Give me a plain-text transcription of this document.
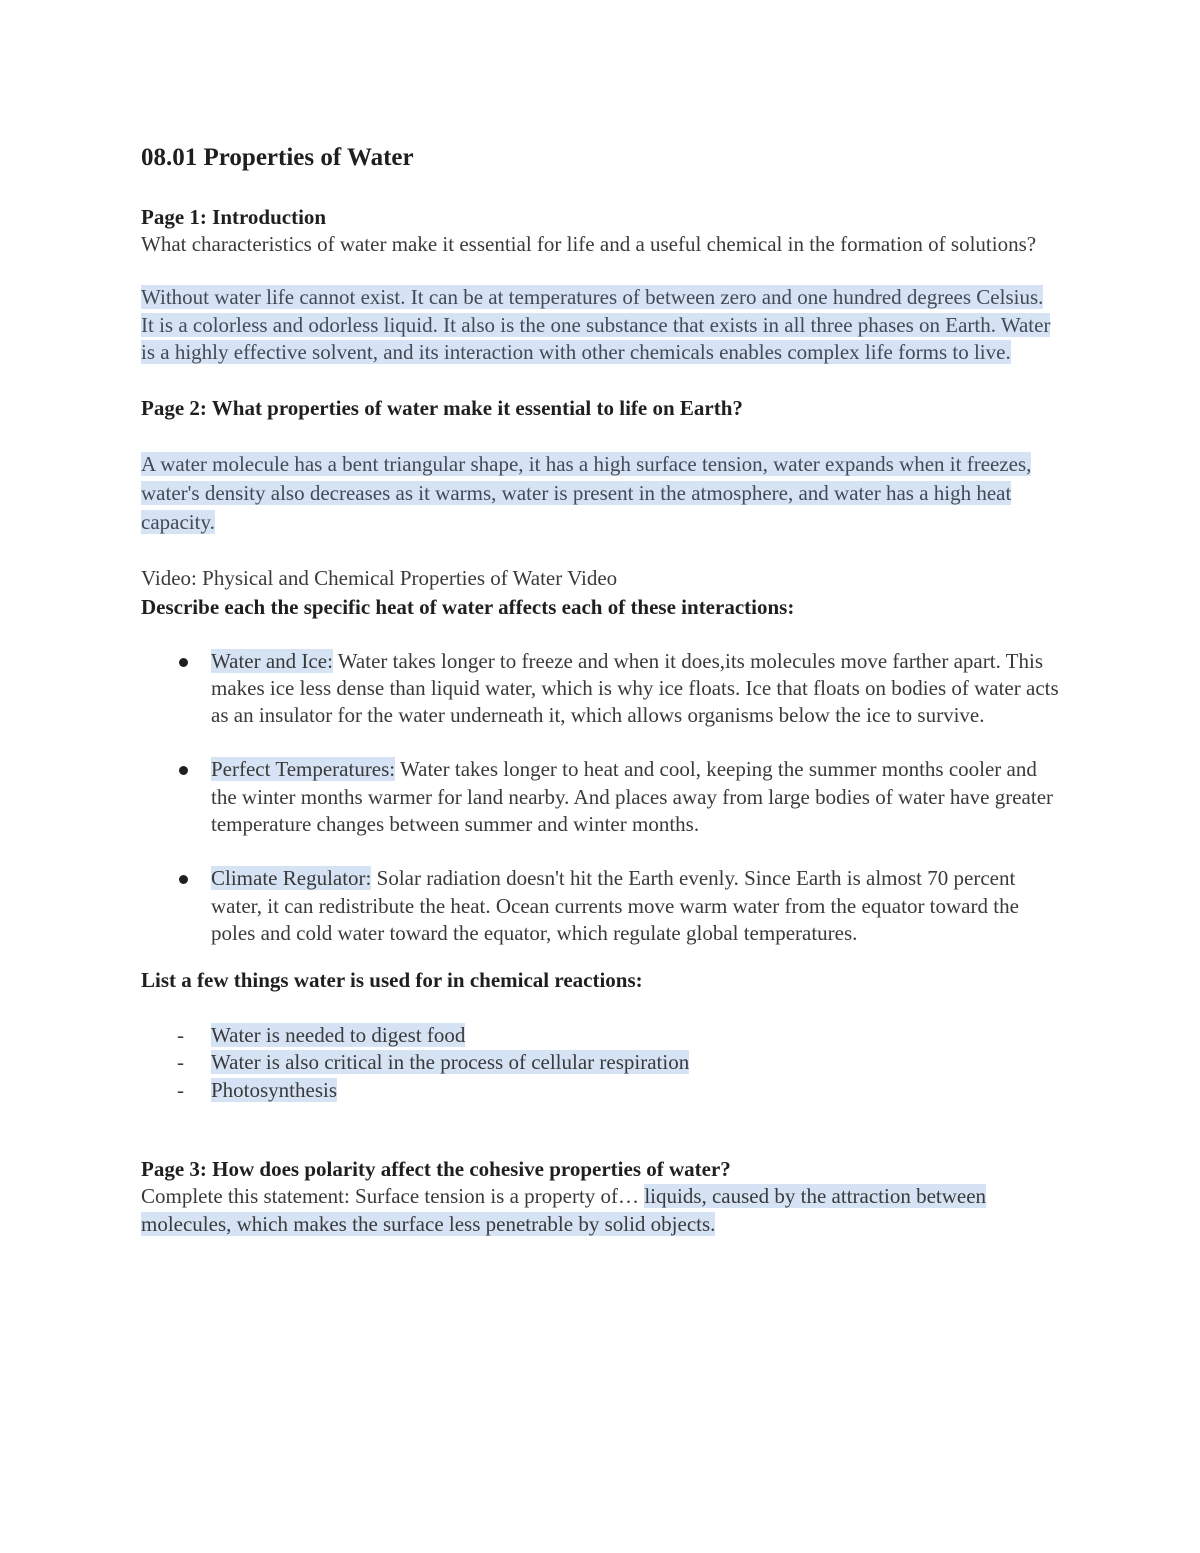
08.01 Properties of Water
Page 1: Introduction
What characteristics of water make it essential for life and a useful chemical in the formation of solutions?
Without water life cannot exist. It can be at temperatures of between zero and one hundred degrees Celsius. It is a colorless and odorless liquid. It also is the one substance that exists in all three phases on Earth. Water is a highly effective solvent, and its interaction with other chemicals enables complex life forms to live.
Page 2: What properties of water make it essential to life on Earth?
A water molecule has a bent triangular shape, it has a high surface tension, water expands when it freezes, water's density also decreases as it warms, water is present in the atmosphere, and water has a high heat capacity.
Video: Physical and Chemical Properties of Water Video
Describe each the specific heat of water affects each of these interactions:
Water and Ice: Water takes longer to freeze and when it does,its molecules move farther apart. This makes ice less dense than liquid water, which is why ice floats. Ice that floats on bodies of water acts as an insulator for the water underneath it, which allows organisms below the ice to survive.
Perfect Temperatures: Water takes longer to heat and cool, keeping the summer months cooler and the winter months warmer for land nearby. And places away from large bodies of water have greater temperature changes between summer and winter months.
Climate Regulator: Solar radiation doesn't hit the Earth evenly. Since Earth is almost 70 percent water, it can redistribute the heat. Ocean currents move warm water from the equator toward the poles and cold water toward the equator, which regulate global temperatures.
List a few things water is used for in chemical reactions:
- Water is needed to digest food
- Water is also critical in the process of cellular respiration
- Photosynthesis
Page 3: How does polarity affect the cohesive properties of water?
Complete this statement: Surface tension is a property of… liquids, caused by the attraction between molecules, which makes the surface less penetrable by solid objects.
